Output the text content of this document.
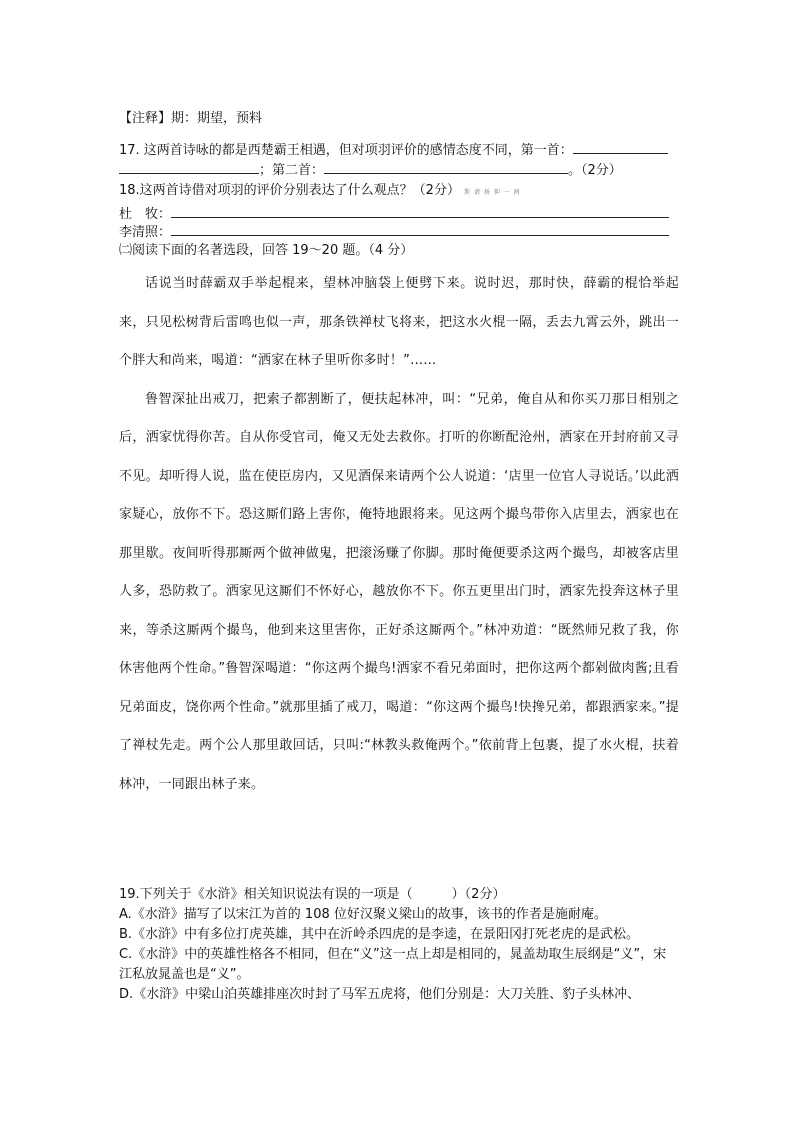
【注释】期：期望，预料
17. 这两首诗咏的都是西楚霸王相遇，但对项羽评价的感情态度不同，第一首：
；第二首：	。（2分）
18.这两首诗借对项羽的评价分别表达了什么观点？（2分） 斯 请 扬 抑 一 两
杜　牧：
李清照：
㈡阅读下面的名著选段，回答 19～20 题。（4 分）

话说当时薛霸双手举起棍来，望林冲脑袋上便劈下来。说时迟，那时快，薛霸的棍恰举起来，只见松树背后雷鸣也似一声，那条铁禅杖飞将来，把这水火棍一隔，丢去九霄云外，跳出一个胖大和尚来，喝道：“洒家在林子里听你多时！”……

鲁智深扯出戒刀，把索子都割断了，便扶起林冲，叫：“兄弟，俺自从和你买刀那日相别之后，洒家忧得你苦。自从你受官司，俺又无处去救你。打听的你断配沧州，洒家在开封府前又寻不见。却听得人说，监在使臣房内，又见酒保来请两个公人说道：‘店里一位官人寻说话。’以此洒家疑心，放你不下。恐这厮们路上害你，俺特地跟将来。见这两个撮鸟带你入店里去，洒家也在那里歇。夜间听得那厮两个做神做鬼，把滚汤赚了你脚。那时俺便要杀这两个撮鸟，却被客店里人多，恐防救了。洒家见这厮们不怀好心，越放你不下。你五更里出门时，洒家先投奔这林子里来，等杀这厮两个撮鸟，他到来这里害你，正好杀这厮两个。”林冲劝道：“既然师兄救了我，你休害他两个性命。”鲁智深喝道：“你这两个撮鸟!洒家不看兄弟面时，把你这两个都剁做肉酱;且看兄弟面皮，饶你两个性命。”就那里插了戒刀，喝道：“你这两个撮鸟!快搀兄弟，都跟洒家来。”提了禅杖先走。两个公人那里敢回话，只叫:“林教头救俺两个。”依前背上包裹，提了水火棍，扶着林冲，一同跟出林子来。

19.下列关于《水浒》相关知识说法有误的一项是（　　　）（2分）
A.《水浒》描写了以宋江为首的 108 位好汉聚义梁山的故事，该书的作者是施耐庵。
B.《水浒》中有多位打虎英雄，其中在沂岭杀四虎的是李逵，在景阳冈打死老虎的是武松。
C.《水浒》中的英雄性格各不相同，但在“义”这一点上却是相同的，晁盖劫取生辰纲是“义”，宋江私放晁盖也是“义”。
D.《水浒》中梁山泊英雄排座次时封了马军五虎将，他们分别是：大刀关胜、豹子头林冲、
